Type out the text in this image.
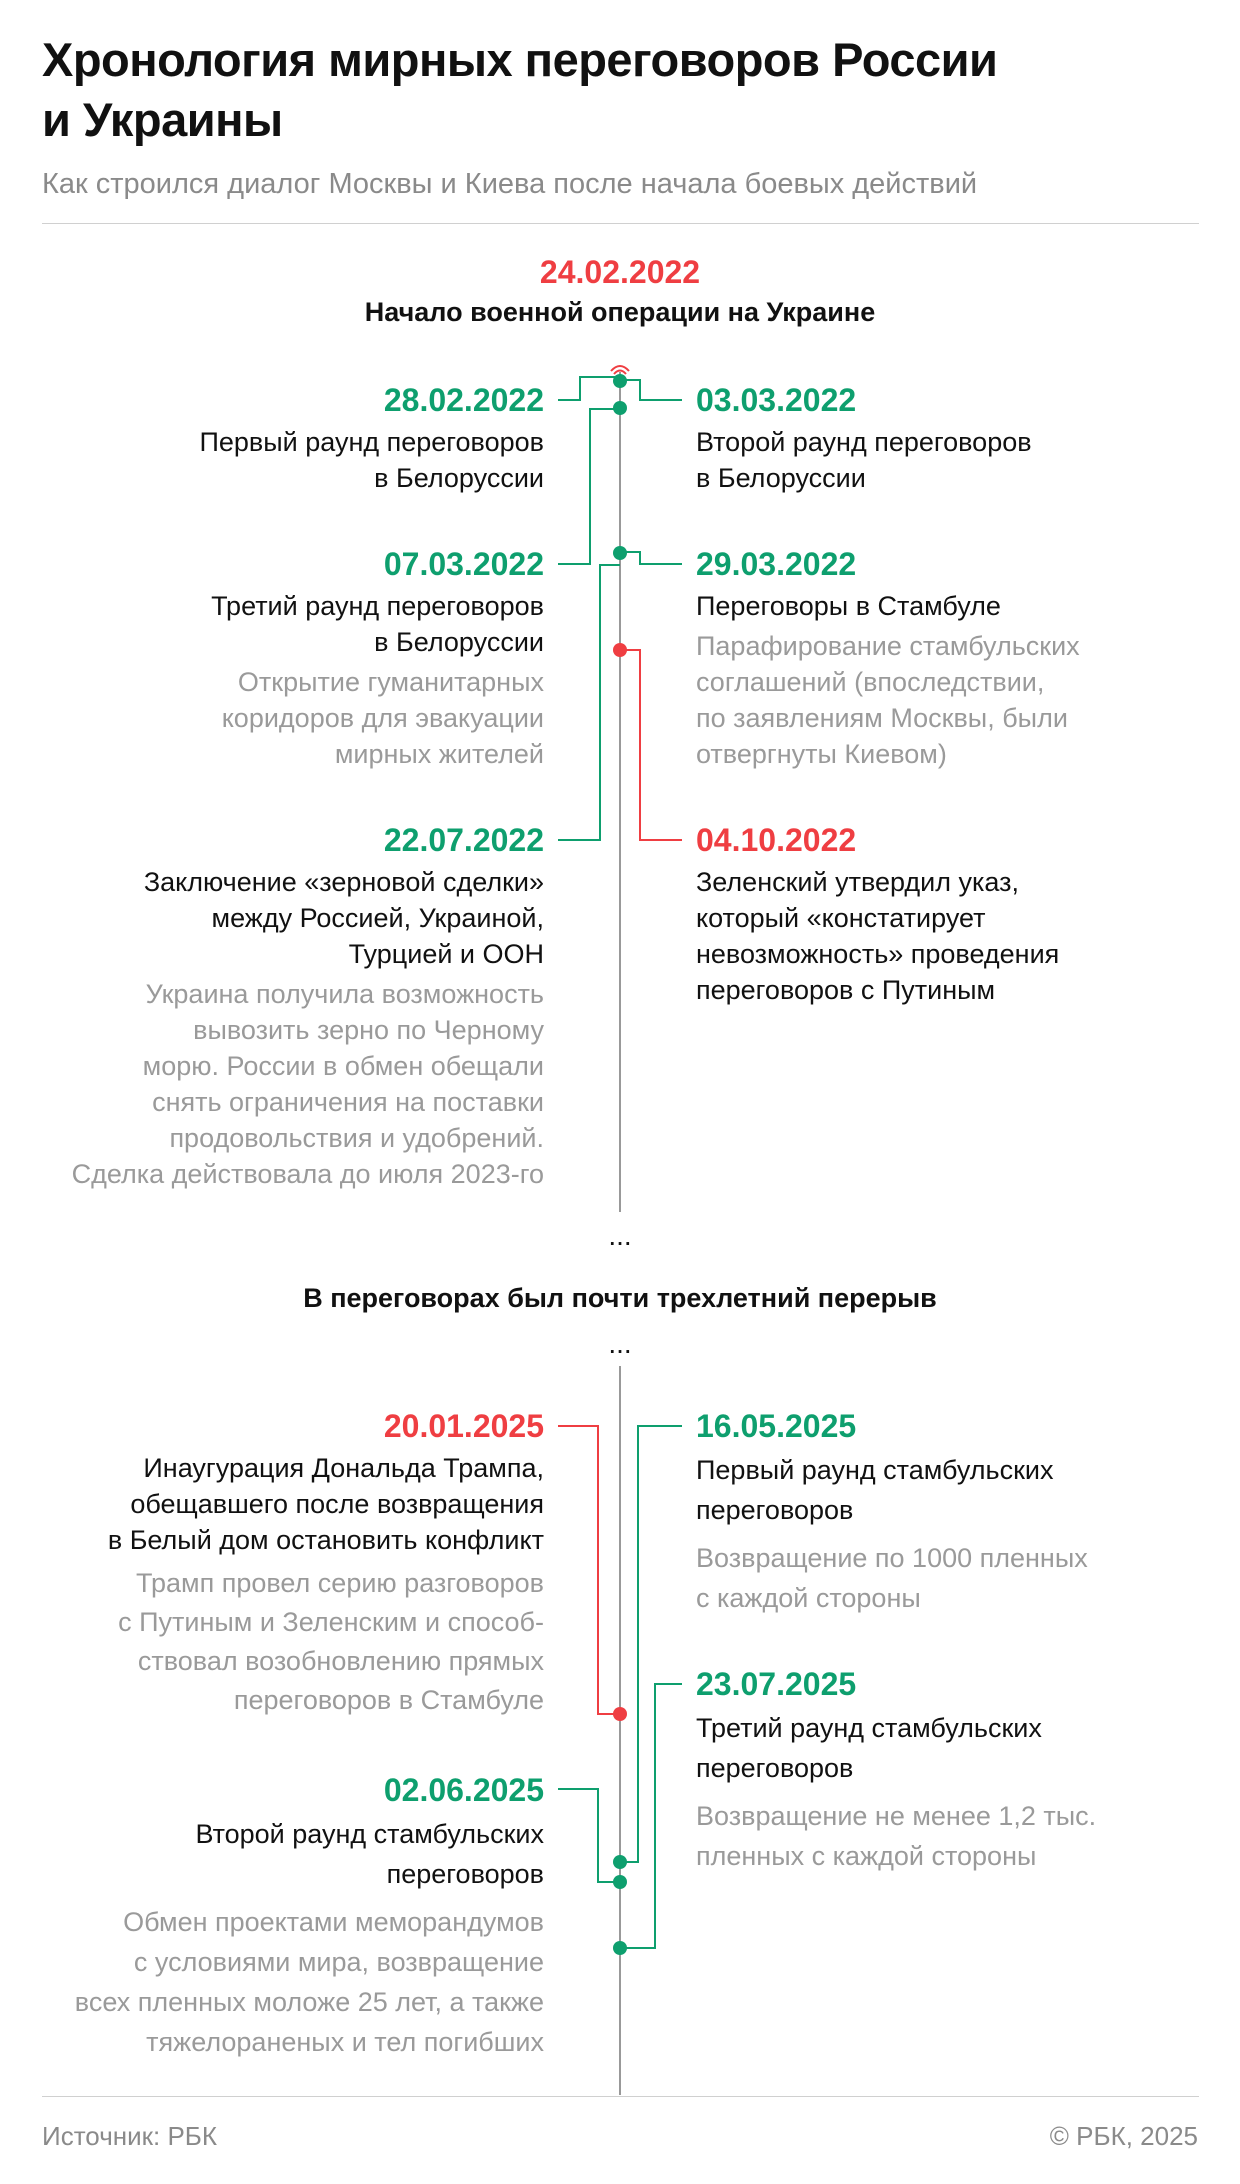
Хронология мирных переговоров России
и Украины
Как строился диалог Москвы и Киева после начала боевых действий
24.02.2022
Начало военной операции на Украине
28.02.2022
Первый раунд переговоров
в Белоруссии
03.03.2022
Второй раунд переговоров
в Белоруссии
07.03.2022
Третий раунд переговоров
в Белоруссии
Открытие гуманитарных
коридоров для эвакуации
мирных жителей
29.03.2022
Переговоры в Стамбуле
Парафирование стамбульских
соглашений (впоследствии,
по заявлениям Москвы, были
отвергнуты Киевом)
22.07.2022
Заключение «зерновой сделки»
между Россией, Украиной,
Турцией и ООН
Украина получила возможность
вывозить зерно по Черному
морю. России в обмен обещали
снять ограничения на поставки
продовольствия и удобрений.
Сделка действовала до июля 2023-го
04.10.2022
Зеленский утвердил указ,
который «констатирует
невозможность» проведения
переговоров с Путиным
...
В переговорах был почти трехлетний перерыв
...
20.01.2025
Инаугурация Дональда Трампа,
обещавшего после возвращения
в Белый дом остановить конфликт
Трамп провел серию разговоров
с Путиным и Зеленским и способ-
ствовал возобновлению прямых
переговоров в Стамбуле
16.05.2025
Первый раунд стамбульских
переговоров
Возвращение по 1000 пленных
с каждой стороны
23.07.2025
Третий раунд стамбульских
переговоров
Возвращение не менее 1,2 тыс.
пленных с каждой стороны
02.06.2025
Второй раунд стамбульских
переговоров
Обмен проектами меморандумов
с условиями мира, возвращение
всех пленных моложе 25 лет, а также
тяжелораненых и тел погибших
Источник: РБК	© РБК, 2025
